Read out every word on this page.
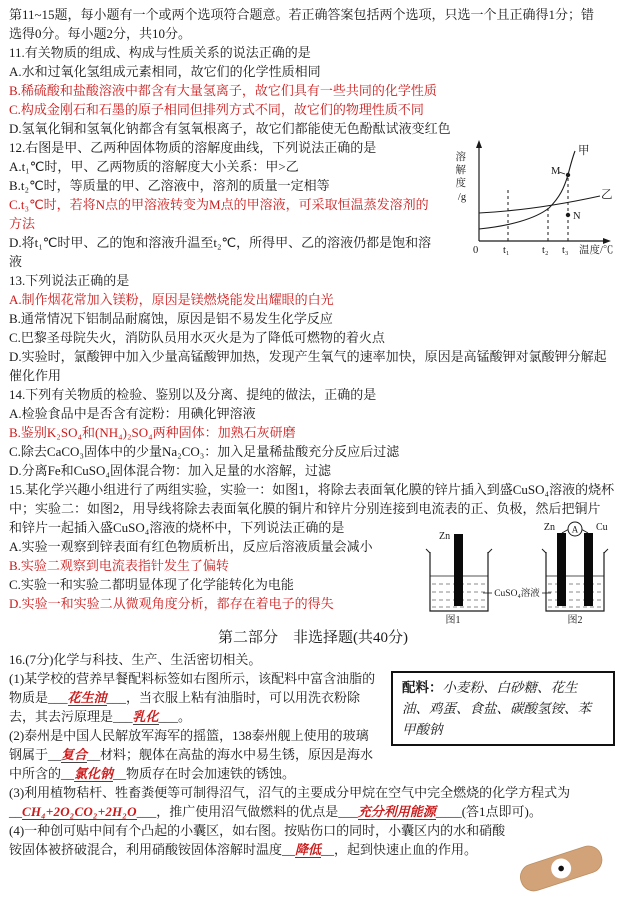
第11~15题，每小题有一个或两个选项符合题意。若正确答案包括两个选项，只选一个且正确得1分；错

选得0分。每小题2分，共10分。

11.有关物质的组成、构成与性质关系的说法正确的是

A.水和过氧化氢组成元素相同，故它们的化学性质相同

B.稀硫酸和盐酸溶液中都含有大量氢离子，故它们具有一些共同的化学性质

C.构成金刚石和石墨的原子相同但排列方式不同，故它们的物理性质不同

D.氢氧化铜和氢氧化钠都含有氢氧根离子，故它们都能使无色酚酞试液变红色

溶 解 度 /g
甲
乙
M
N
0 t₁	t₂ t₃ 温度/℃

12.右图是甲、乙两种固体物质的溶解度曲线，下列说法正确的是

A.t₁℃时，甲、乙两物质的溶解度大小关系：甲>乙

B.t₂℃时，等质量的甲、乙溶液中，溶剂的质量一定相等

C.t₃℃时，若将N点的甲溶液转变为M点的甲溶液，可采取恒温蒸发溶剂的方法

D.将t₁℃时甲、乙的饱和溶液升温至t₂℃，所得甲、乙的溶液仍都是饱和溶液

13.下列说法正确的是

A.制作烟花常加入镁粉，原因是镁燃烧能发出耀眼的白光

B.通常情况下铝制品耐腐蚀，原因是铝不易发生化学反应

C.巴黎圣母院失火，消防队员用水灭火是为了降低可燃物的着火点

D.实验时，氯酸钾中加入少量高锰酸钾加热，发现产生氧气的速率加快，原因是高锰酸钾对氯酸钾分解起催化作用

14.下列有关物质的检验、鉴别以及分离、提纯的做法，正确的是

A.检验食品中是否含有淀粉：用碘化钾溶液

B.鉴别K₂SO₄和(NH₄)₂SO₄两种固体：加熟石灰研磨

C.除去CaCO₃固体中的少量Na₂CO₃：加入足量稀盐酸充分反应后过滤

D.分离Fe和CuSO₄固体混合物：加入足量的水溶解，过滤

15.某化学兴趣小组进行了两组实验，实验一：如图1，将除去表面氧化膜的锌片插入到盛CuSO₄溶液的烧杯中；实验二：如图2，用导线将除去表面氧化膜的铜片和锌片分别连接到电流表的正、负极，然后把铜片

Zn
图1
CuSO₄溶液
A
Zn	Cu
图2

和锌片一起插入盛CuSO₄溶液的烧杯中，下列说法正确的是

A.实验一观察到锌表面有红色物质析出，反应后溶液质量会减小

B.实验二观察到电流表指针发生了偏转

C.实验一和实验二都明显体现了化学能转化为电能

D.实验一和实验二从微观角度分析，都存在着电子的得失

第二部分　非选择题(共40分)

16.(7分)化学与科技、生产、生活密切相关。

配料：小麦粉、白砂糖、花生油、鸡蛋、食盐、碳酸氢铵、苯甲酸钠

(1)某学校的营养早餐配料标签如右图所示，该配料中富含油脂的物质是___花生油___，当衣服上粘有油脂时，可以用洗衣粉除去，其去污原理是___乳化___。

(2)泰州是中国人民解放军海军的摇篮，138泰州舰上使用的玻璃钢属于__复合__材料；舰体在高盐的海水中易生锈，原因是海水中所含的__氯化钠__物质存在时会加速铁的锈蚀。

(3)利用植物秸杆、牲畜粪便等可制得沼气，沼气的主要成分甲烷在空气中完全燃烧的化学方程式为__CH₄+2O₂CO₂+2H₂O___，推广使用沼气做燃料的优点是___充分利用能源____(答1点即可)。

(4)一种创可贴中间有个凸起的小囊区，如右图。按贴伤口的同时，小囊区内的水和硝酸铵固体被挤破混合，利用硝酸铵固体溶解时温度__降低__，起到快速止血的作用。
